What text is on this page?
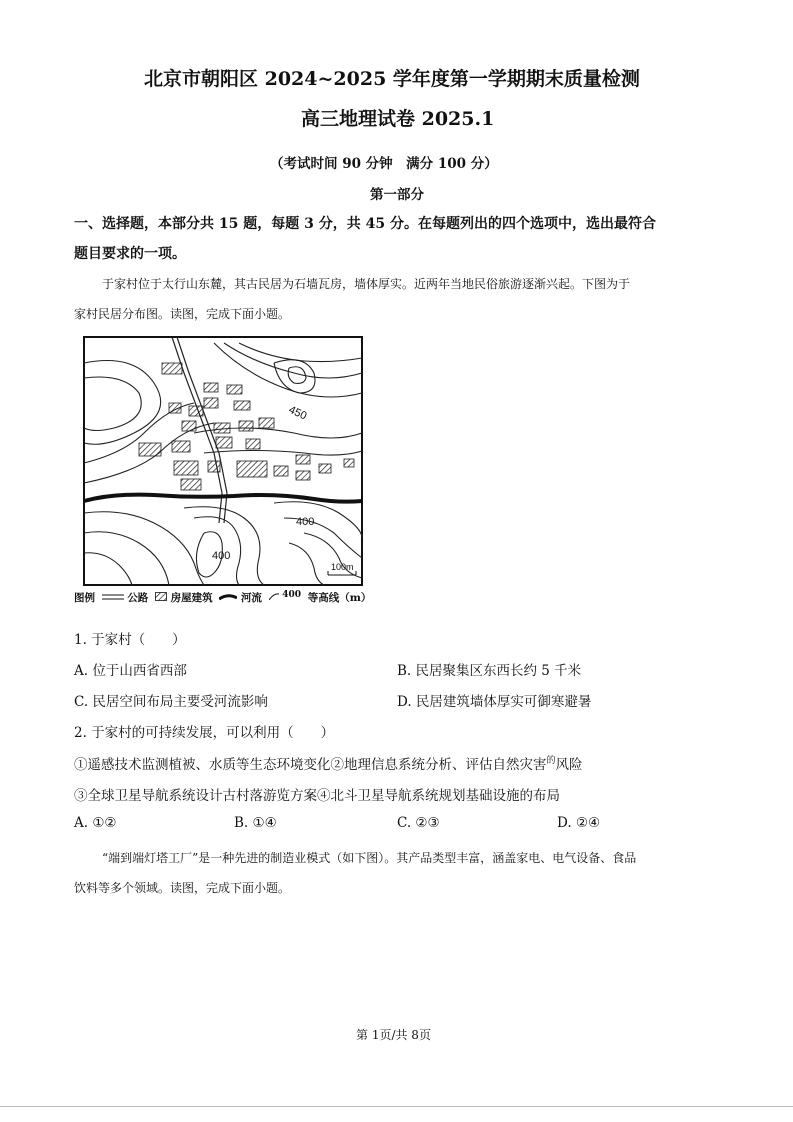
北京市朝阳区 2024~2025 学年度第一学期期末质量检测
高三地理试卷 2025.1
（考试时间 90 分钟　满分 100 分）
第一部分
一、选择题，本部分共 15 题，每题 3 分，共 45 分。在每题列出的四个选项中，选出最符合
题目要求的一项。
于家村位于太行山东麓，其古民居为石墙瓦房，墙体厚实。近两年当地民俗旅游逐渐兴起。下图为于
家村民居分布图。读图，完成下面小题。
450
400
400
100m
图例	公路 房屋建筑	河流 400 等高线（m）
1. 于家村（　　）
A. 位于山西省西部	B. 民居聚集区东西长约 5 千米
C. 民居空间布局主要受河流影响	D. 民居建筑墙体厚实可御寒避暑
2. 于家村的可持续发展，可以利用（　　）
①遥感技术监测植被、水质等生态环境变化②地理信息系统分析、评估自然灾害$^的$风险
③全球卫星导航系统设计古村落游览方案④北斗卫星导航系统规划基础设施的布局
A. ①②	B. ①④	C. ②③	D. ②④
“端到端灯塔工厂”是一种先进的制造业模式（如下图）。其产品类型丰富，涵盖家电、电气设备、食品
饮料等多个领域。读图，完成下面小题。
第 1页/共 8页
